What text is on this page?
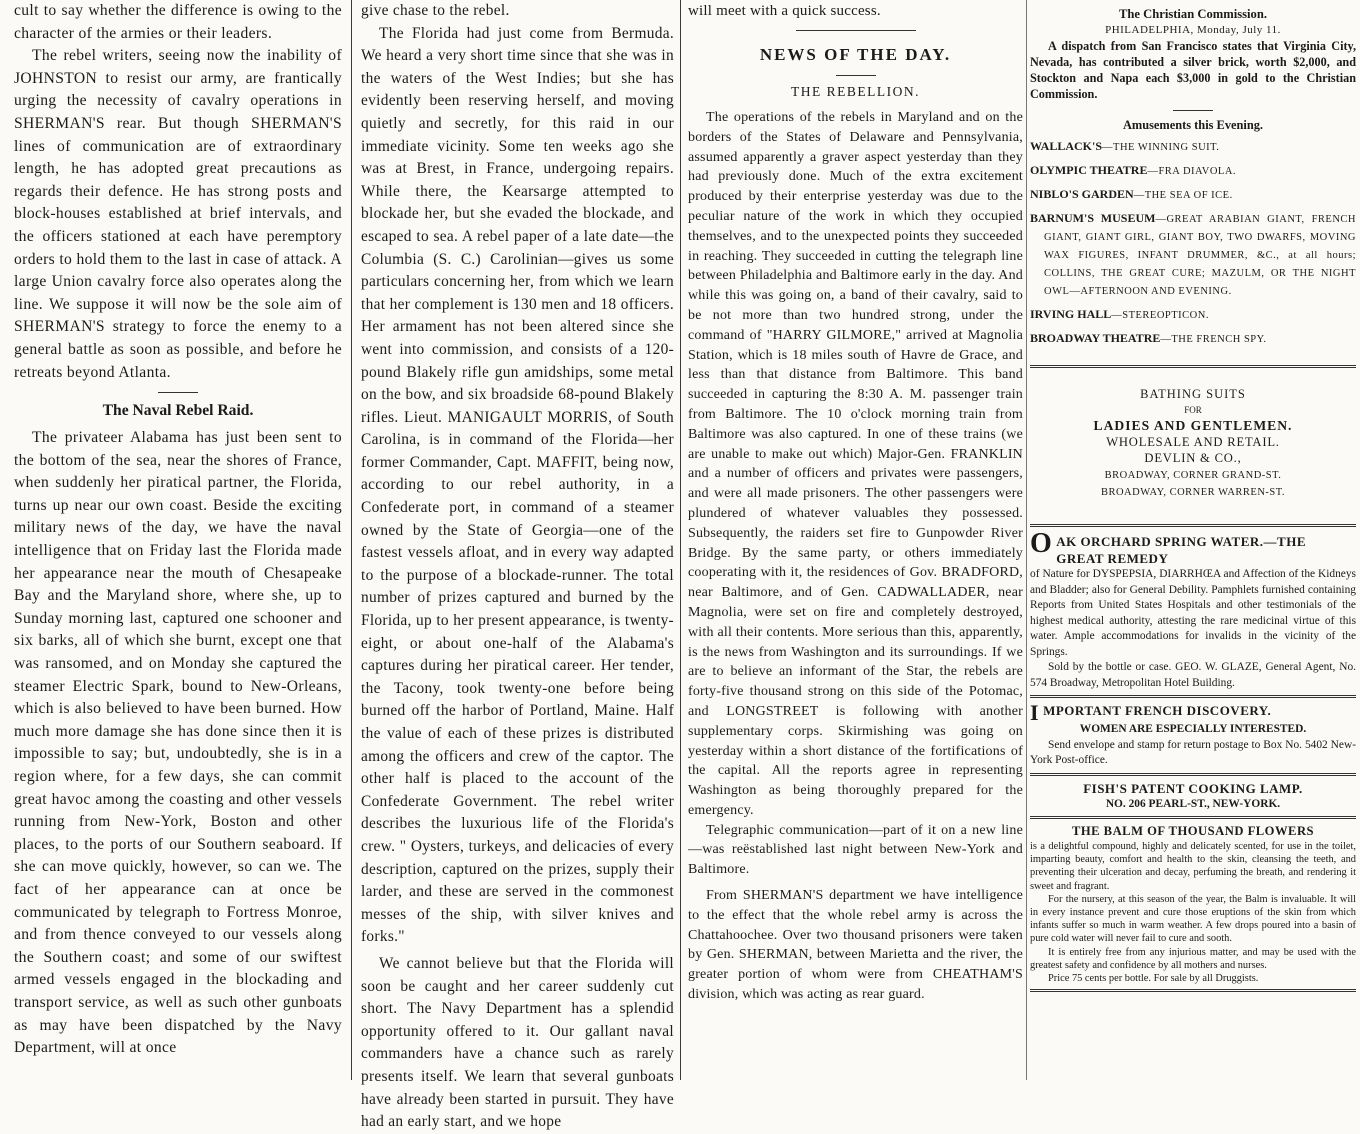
cult to say whether the difference is owing to the character of the armies or their leaders.

The rebel writers, seeing now the inability of JOHNSTON to resist our army, are frantically urging the necessity of cavalry operations in SHERMAN'S rear. But though SHERMAN'S lines of communication are of extraordinary length, he has adopted great precautions as regards their defence. He has strong posts and block-houses established at brief intervals, and the officers stationed at each have peremptory orders to hold them to the last in case of attack. A large Union cavalry force also operates along the line. We suppose it will now be the sole aim of SHERMAN'S strategy to force the enemy to a general battle as soon as possible, and before he retreats beyond Atlanta.

The Naval Rebel Raid.

The privateer Alabama has just been sent to the bottom of the sea, near the shores of France, when suddenly her piratical partner, the Florida, turns up near our own coast. Beside the exciting military news of the day, we have the naval intelligence that on Friday last the Florida made her appearance near the mouth of Chesapeake Bay and the Maryland shore, where she, up to Sunday morning last, captured one schooner and six barks, all of which she burnt, except one that was ransomed, and on Monday she captured the steamer Electric Spark, bound to New-Orleans, which is also believed to have been burned. How much more damage she has done since then it is impossible to say; but, undoubtedly, she is in a region where, for a few days, she can commit great havoc among the coasting and other vessels running from New-York, Boston and other places, to the ports of our Southern seaboard. If she can move quickly, however, so can we. The fact of her appearance can at once be communicated by telegraph to Fortress Monroe, and from thence conveyed to our vessels along the Southern coast; and some of our swiftest armed vessels engaged in the blockading and transport service, as well as such other gunboats as may have been dispatched by the Navy Department, will at once

give chase to the rebel.

The Florida had just come from Bermuda. We heard a very short time since that she was in the waters of the West Indies; but she has evidently been reserving herself, and moving quietly and secretly, for this raid in our immediate vicinity. Some ten weeks ago she was at Brest, in France, undergoing repairs. While there, the Kearsarge attempted to blockade her, but she evaded the blockade, and escaped to sea. A rebel paper of a late date—the Columbia (S. C.) Carolinian—gives us some particulars concerning her, from which we learn that her complement is 130 men and 18 officers. Her armament has not been altered since she went into commission, and consists of a 120-pound Blakely rifle gun amidships, some metal on the bow, and six broadside 68-pound Blakely rifles. Lieut. MANIGAULT MORRIS, of South Carolina, is in command of the Florida—her former Commander, Capt. MAFFIT, being now, according to our rebel authority, in a Confederate port, in command of a steamer owned by the State of Georgia—one of the fastest vessels afloat, and in every way adapted to the purpose of a blockade-runner. The total number of prizes captured and burned by the Florida, up to her present appearance, is twenty-eight, or about one-half of the Alabama's captures during her piratical career. Her tender, the Tacony, took twenty-one before being burned off the harbor of Portland, Maine. Half the value of each of these prizes is distributed among the officers and crew of the captor. The other half is placed to the account of the Confederate Government. The rebel writer describes the luxurious life of the Florida's crew. " Oysters, turkeys, and delicacies of every description, captured on the prizes, supply their larder, and these are served in the commonest messes of the ship, with silver knives and forks."

We cannot believe but that the Florida will soon be caught and her career suddenly cut short. The Navy Department has a splendid opportunity offered to it. Our gallant naval commanders have a chance such as rarely presents itself. We learn that several gunboats have already been started in pursuit. They have had an early start, and we hope

will meet with a quick success.

NEWS OF THE DAY.
THE REBELLION.

The operations of the rebels in Maryland and on the borders of the States of Delaware and Pennsylvania, assumed apparently a graver aspect yesterday than they had previously done. Much of the extra excitement produced by their enterprise yesterday was due to the peculiar nature of the work in which they occupied themselves, and to the unexpected points they succeeded in reaching. They succeeded in cutting the telegraph line between Philadelphia and Baltimore early in the day. And while this was going on, a band of their cavalry, said to be not more than two hundred strong, under the command of "HARRY GILMORE," arrived at Magnolia Station, which is 18 miles south of Havre de Grace, and less than that distance from Baltimore. This band succeeded in capturing the 8:30 A. M. passenger train from Baltimore. The 10 o'clock morning train from Baltimore was also captured. In one of these trains (we are unable to make out which) Major-Gen. FRANKLIN and a number of officers and privates were passengers, and were all made prisoners. The other passengers were plundered of whatever valuables they possessed. Subsequently, the raiders set fire to Gunpowder River Bridge. By the same party, or others immediately cooperating with it, the residences of Gov. BRADFORD, near Baltimore, and of Gen. CADWALLADER, near Magnolia, were set on fire and completely destroyed, with all their contents. More serious than this, apparently, is the news from Washington and its surroundings. If we are to believe an informant of the Star, the rebels are forty-five thousand strong on this side of the Potomac, and LONGSTREET is following with another supplementary corps. Skirmishing was going on yesterday within a short distance of the fortifications of the capital. All the reports agree in representing Washington as being thoroughly prepared for the emergency.

Telegraphic communication—part of it on a new line—was reëstablished last night between New-York and Baltimore.

From SHERMAN'S department we have intelligence to the effect that the whole rebel army is across the Chattahoochee. Over two thousand prisoners were taken by Gen. SHERMAN, between Marietta and the river, the greater portion of whom were from CHEATHAM'S division, which was acting as rear guard.

The Christian Commission.
PHILADELPHIA, Monday, July 11.

A dispatch from San Francisco states that Virginia City, Nevada, has contributed a silver brick, worth $2,000, and Stockton and Napa each $3,000 in gold to the Christian Commission.

Amusements this Evening.

WALLACK'S—THE WINNING SUIT.

OLYMPIC THEATRE—FRA DIAVOLA.

NIBLO'S GARDEN—THE SEA OF ICE.

BARNUM'S MUSEUM—GREAT ARABIAN GIANT, FRENCH GIANT, GIANT GIRL, GIANT BOY, TWO DWARFS, MOVING WAX FIGURES, INFANT DRUMMER, &C., at all hours; COLLINS, THE GREAT CURE; MAZULM, OR THE NIGHT OWL—AFTERNOON AND EVENING.

IRVING HALL—STEREOPTICON.

BROADWAY THEATRE—THE FRENCH SPY.

BATHING SUITS
FOR
LADIES AND GENTLEMEN.
WHOLESALE AND RETAIL.
DEVLIN & CO.,
BROADWAY, CORNER GRAND-ST.
BROADWAY, CORNER WARREN-ST.
OAK ORCHARD SPRING WATER.—THE GREAT REMEDY

of Nature for DYSPEPSIA, DIARRHŒA and Affection of the Kidneys and Bladder; also for General Debility. Pamphlets furnished containing Reports from United States Hospitals and other testimonials of the highest medical authority, attesting the rare medicinal virtue of this water. Ample accommodations for invalids in the vicinity of the Springs.

Sold by the bottle or case. GEO. W. GLAZE, General Agent, No. 574 Broadway, Metropolitan Hotel Building.

IMPORTANT FRENCH DISCOVERY.
WOMEN ARE ESPECIALLY INTERESTED.

Send envelope and stamp for return postage to Box No. 5402 New-York Post-office.

FISH'S PATENT COOKING LAMP.
NO. 206 PEARL-ST., NEW-YORK.
THE BALM OF THOUSAND FLOWERS

is a delightful compound, highly and delicately scented, for use in the toilet, imparting beauty, comfort and health to the skin, cleansing the teeth, and preventing their ulceration and decay, perfuming the breath, and rendering it sweet and fragrant.

For the nursery, at this season of the year, the Balm is invaluable. It will in every instance prevent and cure those eruptions of the skin from which infants suffer so much in warm weather. A few drops poured into a basin of pure cold water will never fail to cure and sooth.

It is entirely free from any injurious matter, and may be used with the greatest safety and confidence by all mothers and nurses.

Price 75 cents per bottle. For sale by all Druggists.
